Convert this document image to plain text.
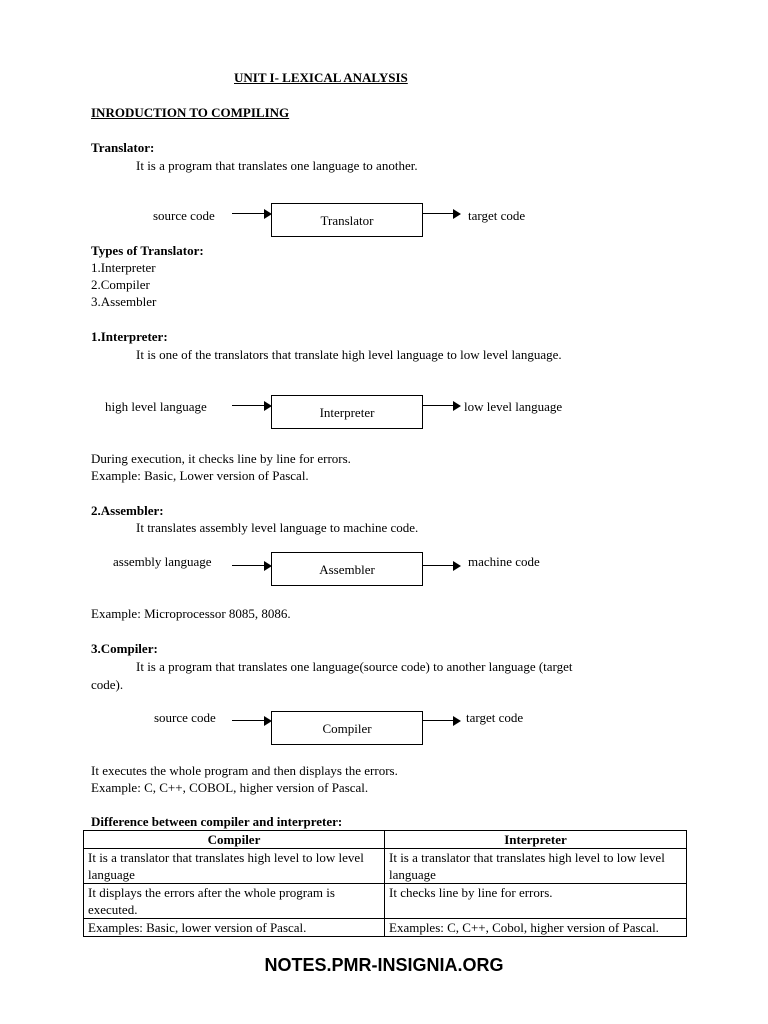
UNIT I- LEXICAL ANALYSIS
INRODUCTION TO COMPILING
Translator:
It is a program that translates one language to another.
source code	Translator	target code
Types of Translator:
1.Interpreter
2.Compiler
3.Assembler
1.Interpreter:
It is one of the translators that translate high level language to low level language.
high level language	Interpreter	low level language
During execution, it checks line by line for errors.
Example: Basic, Lower version of Pascal.
2.Assembler:
It translates assembly level language to machine code.
assembly language	Assembler	machine code
Example: Microprocessor 8085, 8086.
3.Compiler:
It is a program that translates one language(source code) to another language (target
code).
source code
Compiler
target code
It executes the whole program and then displays the errors.
Example: C, C++, COBOL, higher version of Pascal.
Difference between compiler and interpreter:
Compiler	Interpreter
It is a translator that translates high level to low level language	It is a translator that translates high level to low level language
It displays the errors after the whole program is executed.	It checks line by line for errors.
Examples: Basic, lower version of Pascal.	Examples: C, C++, Cobol, higher version of Pascal.
NOTES.PMR-INSIGNIA.ORG
